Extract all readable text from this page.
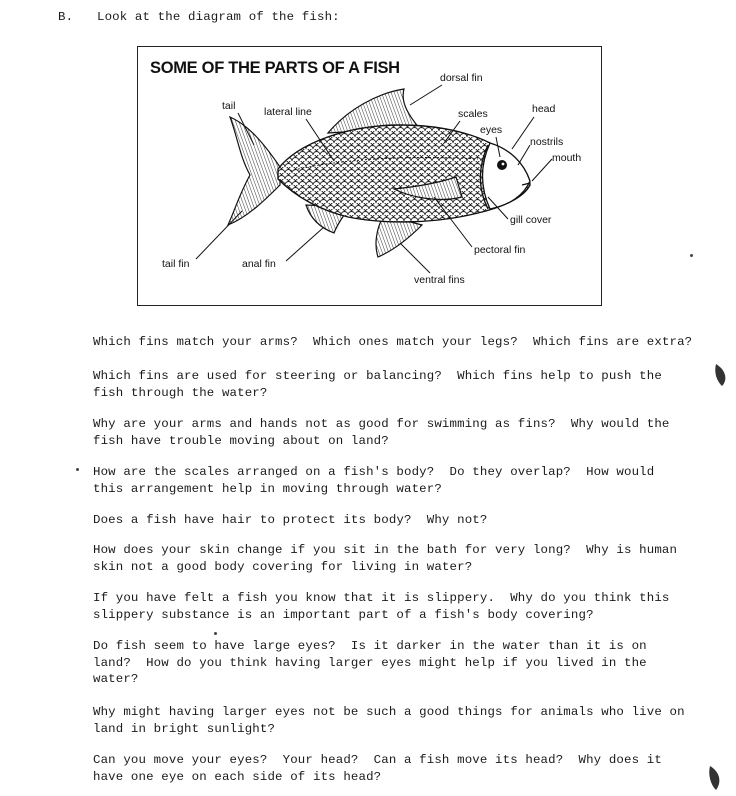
B. Look at the diagram of the fish:
SOME OF THE PARTS OF A FISH
dorsal fin
tail	lateral line	scales	head
eyes
nostrils
mouth
gill cover
pectoral fin
tail fin	anal fin
ventral fins
Which fins match your arms?  Which ones match your legs?  Which fins are extra?
Which fins are used for steering or balancing?  Which fins help to push the
fish through the water?
Why are your arms and hands not as good for swimming as fins?  Why would the
fish have trouble moving about on land?
How are the scales arranged on a fish's body?  Do they overlap?  How would
this arrangement help in moving through water?
Does a fish have hair to protect its body?  Why not?
How does your skin change if you sit in the bath for very long?  Why is human
skin not a good body covering for living in water?
If you have felt a fish you know that it is slippery.  Why do you think this
slippery substance is an important part of a fish's body covering?
Do fish seem to have large eyes?  Is it darker in the water than it is on
land?  How do you think having larger eyes might help if you lived in the
water?
Why might having larger eyes not be such a good things for animals who live on
land in bright sunlight?
Can you move your eyes?  Your head?  Can a fish move its head?  Why does it
have one eye on each side of its head?
